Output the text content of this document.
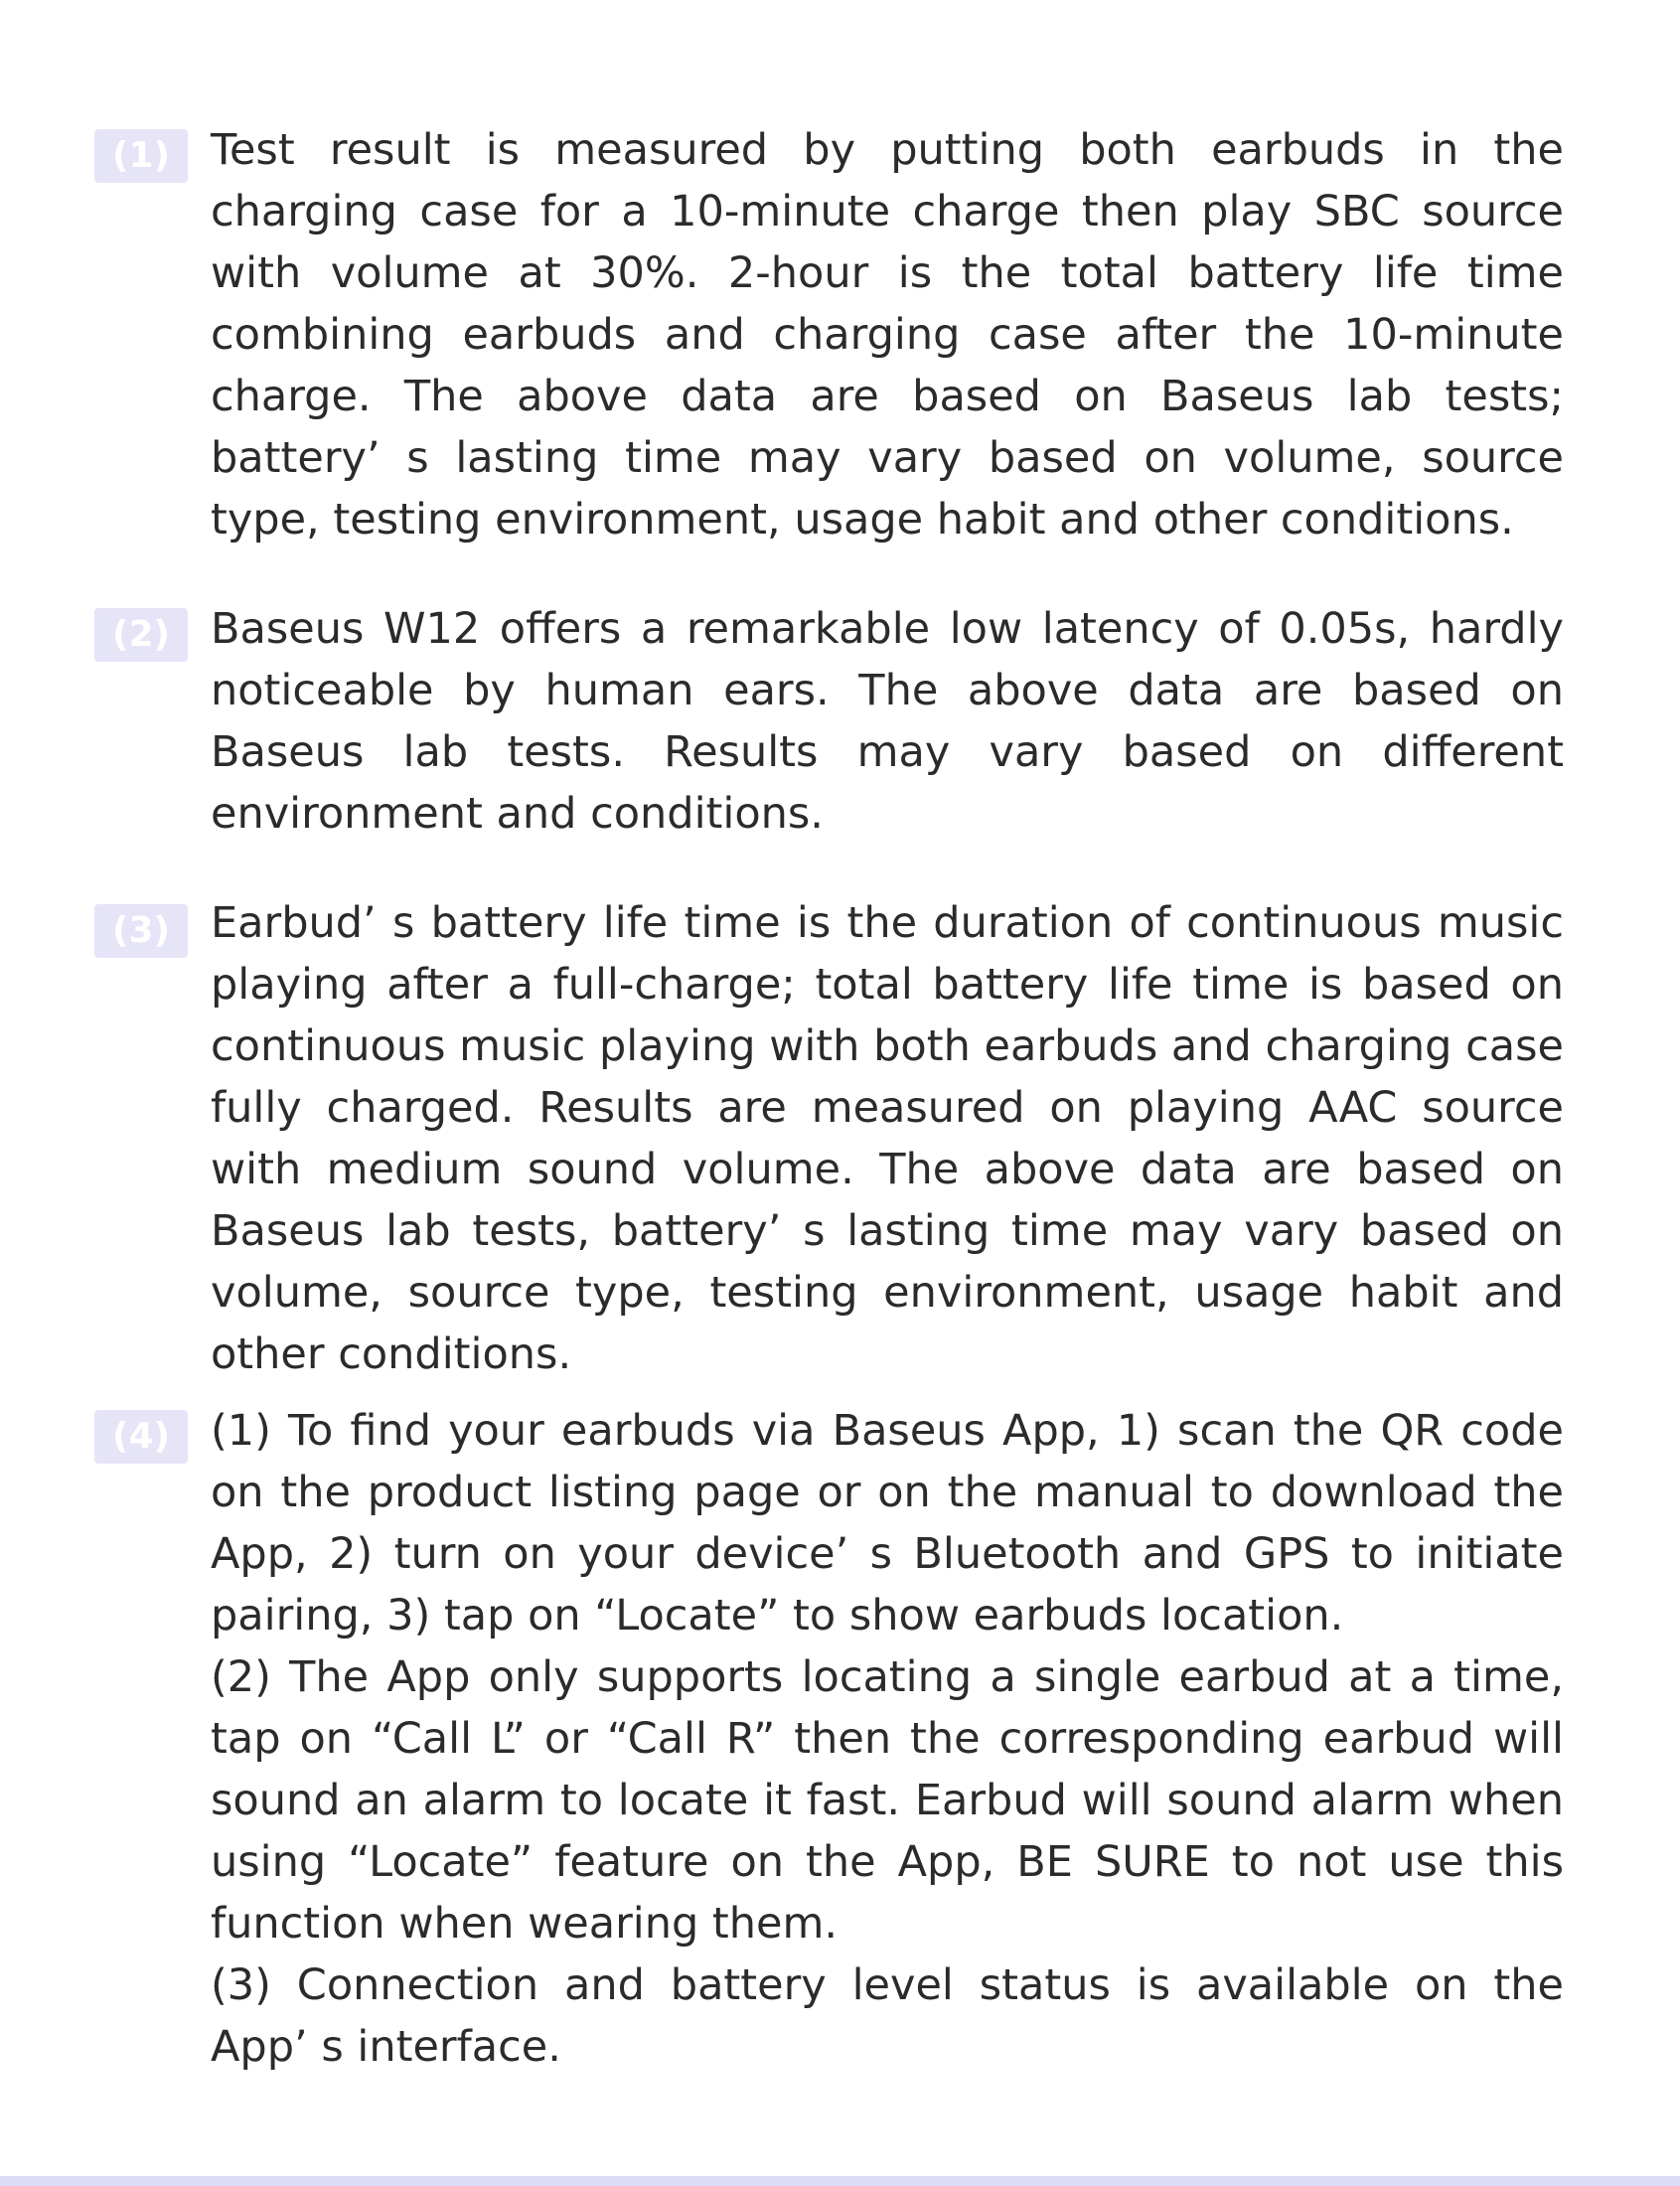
(1) Test result is measured by putting both earbuds in the charging case for a 10-minute charge then play SBC source with volume at 30%. 2-hour is the total battery life time combining earbuds and charging case after the 10-minute charge. The above data are based on Baseus lab tests; battery’ s lasting time may vary based on volume, source type, testing environment, usage habit and other conditions.

(2) Baseus W12 offers a remarkable low latency of 0.05s, hardly noticeable by human ears. The above data are based on Baseus lab tests. Results may vary based on different environment and conditions.

(3) Earbud’ s battery life time is the duration of continuous music playing after a full-charge; total battery life time is based on continuous music playing with both earbuds and charging case fully charged. Results are measured on playing AAC source with medium sound volume. The above data are based on Baseus lab tests, battery’ s lasting time may vary based on volume, source type, testing environment, usage habit and other conditions.

(4) (1) To find your earbuds via Baseus App, 1) scan the QR code on the product listing page or on the manual to download the App, 2) turn on your device’ s Bluetooth and GPS to initiate pairing, 3) tap on “Locate” to show earbuds location.

(2) The App only supports locating a single earbud at a time, tap on “Call L” or “Call R” then the corresponding earbud will sound an alarm to locate it fast. Earbud will sound alarm when using “Locate” feature on the App, BE SURE to not use this function when wearing them.

(3) Connection and battery level status is available on the App’ s interface.
